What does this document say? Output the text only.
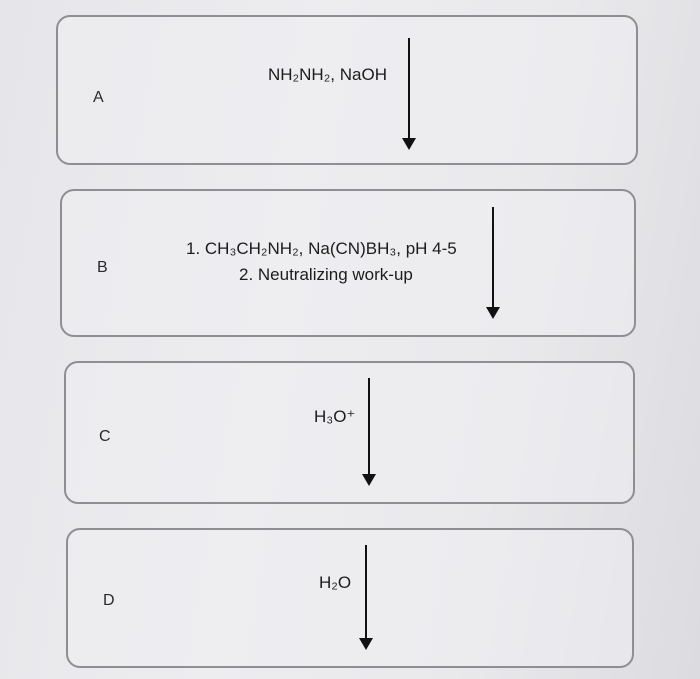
A
NH₂NH₂, NaOH
B
1. CH₃CH₂NH₂, Na(CN)BH₃, pH 4-5
2. Neutralizing work-up
C
H₃O⁺
D
H₂O
